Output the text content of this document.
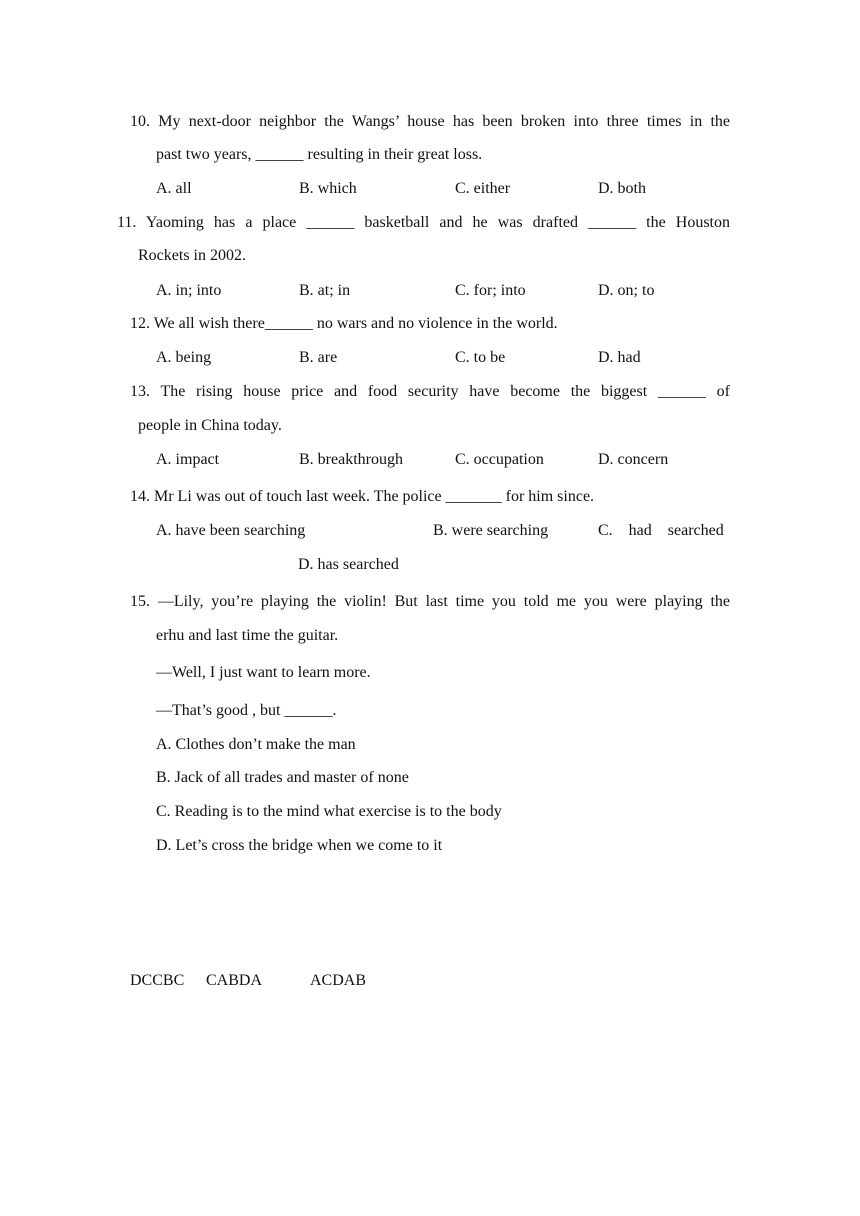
10. My next-door neighbor the Wangs’ house has been broken into three times in the
past two years, ______ resulting in their great loss.
A. all	B. which	C. either	D. both
11. Yaoming has a place ______ basketball and he was drafted ______ the Houston
Rockets in 2002.
A. in; into	B. at; in	C. for; into	D. on; to
12. We all wish there______ no wars and no violence in the world.
A. being	B. are	C. to be	D. had
13. The rising house price and food security have become the biggest ______ of
people in China today.
A. impact	B. breakthrough	C. occupation	D. concern
14. Mr Li was out of touch last week. The police _______ for him since.
A. have been searching	B. were searching	C.    had    searched
D. has searched
15. —Lily, you’re playing the violin! But last time you told me you were playing the
erhu and last time the guitar.
—Well, I just want to learn more.
—That’s good , but ______.
A. Clothes don’t make the man
B. Jack of all trades and master of none
C. Reading is to the mind what exercise is to the body
D. Let’s cross the bridge when we come to it
DCCBC CABDA	ACDAB
